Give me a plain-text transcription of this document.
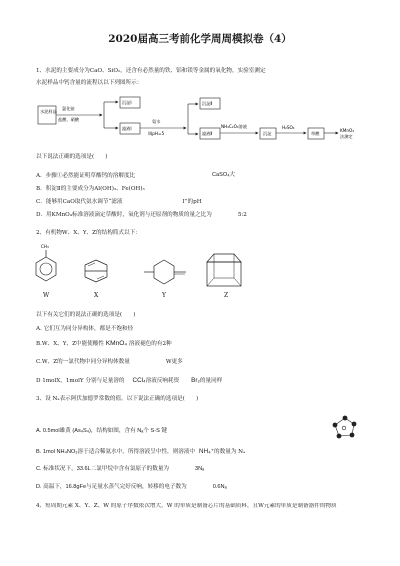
2020届高三考前化学周周模拟卷（4）
1、水泥的主要成分为CaO、SiO₂，还含有必然量的铁、铝和镁等金属的氧化物，实验室测定
水泥样品中钙含量的流程以以下列图所示：
水泥样品
氯化铵
盐酸、硝酸
沉淀Ⅰ
滤液Ⅰ
氨水
调pH=5
沉淀Ⅱ
滤液Ⅱ
NH₄C₂O₄溶液
沉淀
H₂SO₄
草酸
KMnO₄
法测定
以下说法正确的选项是(　　)
A．步骤①必然能证明草酸钙的溶解度比	CaSO₄大
B．积淀Ⅱ的主要成分为Al(OH)₃、Fe(OH)₃
C．能够用CaO取代氨水调节“滤液	Ⅰ”的pH
D．用KMnO₄标准溶液滴定草酸时，氧化剂与还原剂的物质的量之比为	5:2
2、有机物W、X、Y、Z的结构简式以下：
CH₃
W	X	Y	Z
以下有关它们的说法正确的选项是(　　)
A. 它们互为同分异构体，都是不饱和烃
B.W、X、Y、Z中能使酸性 KMnO₄ 溶液褪色的有2种
C.W、Z的一氯代物中同分异构体数量	W更多
D 1molX，1molY 分别与足量溶的 CCl₄溶液反响耗资 Br₂的量同样
3、设 Nₐ表示阿伏加德罗常数的值。以下说法正确的选项是(　　)
A. 0.5mol雄黄 (As₄S₄)，结构如图，含有 Nₐ个 S-S 键
B. 1mol NH₄NO₃溶于适合稀氨水中，所得溶液呈中性，则溶液中 NH₄⁺的数量为 Nₐ
C. 标准状况下，33.6L二氯甲烷中含有氯原子的数量为	3Nₐ
D. 高温下，16.8gFe与足量水蒸气完好反响，转移的电子数为	0.6Nₐ
4、短周期元素 X、Y、Z、W 的原子序数依次增大，W 的单质是制备芯片的基础质料，且W元素的单质是制备器件的物质
